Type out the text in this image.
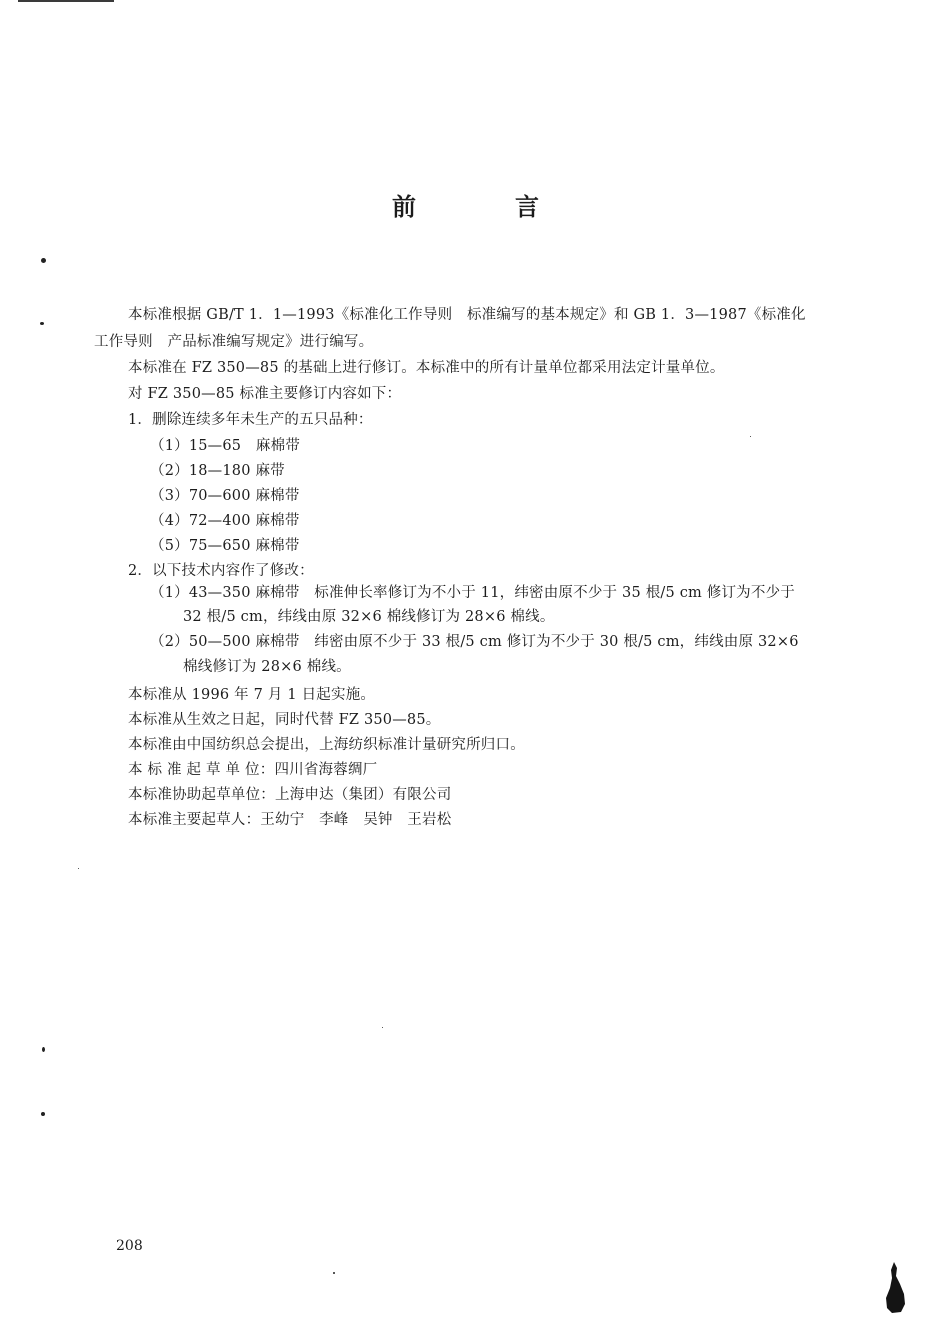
前	言
本标准根据 GB/T 1．1—1993《标准化工作导则　标准编写的基本规定》和 GB 1．3—1987《标准化
工作导则　产品标准编写规定》进行编写。
本标准在 FZ 350—85 的基础上进行修订。本标准中的所有计量单位都采用法定计量单位。
对 FZ 350—85 标准主要修订内容如下：
1．删除连续多年未生产的五只品种：
（1）15—65　麻棉带
（2）18—180 麻带
（3）70—600 麻棉带
（4）72—400 麻棉带
（5）75—650 麻棉带
2．以下技术内容作了修改：
（1）43—350 麻棉带　标准伸长率修订为不小于 11，纬密由原不少于 35 根/5 cm 修订为不少于
32 根/5 cm，纬线由原 32×6 棉线修订为 28×6 棉线。
（2）50—500 麻棉带　纬密由原不少于 33 根/5 cm 修订为不少于 30 根/5 cm，纬线由原 32×6
棉线修订为 28×6 棉线。
本标准从 1996 年 7 月 1 日起实施。
本标准从生效之日起，同时代替 FZ 350—85。
本标准由中国纺织总会提出，上海纺织标准计量研究所归口。
本 标 准 起 草 单 位：四川省海蓉绸厂
本标准协助起草单位：上海申达（集团）有限公司
本标准主要起草人：王幼宁　李峰　吴钟　王岩松
208
